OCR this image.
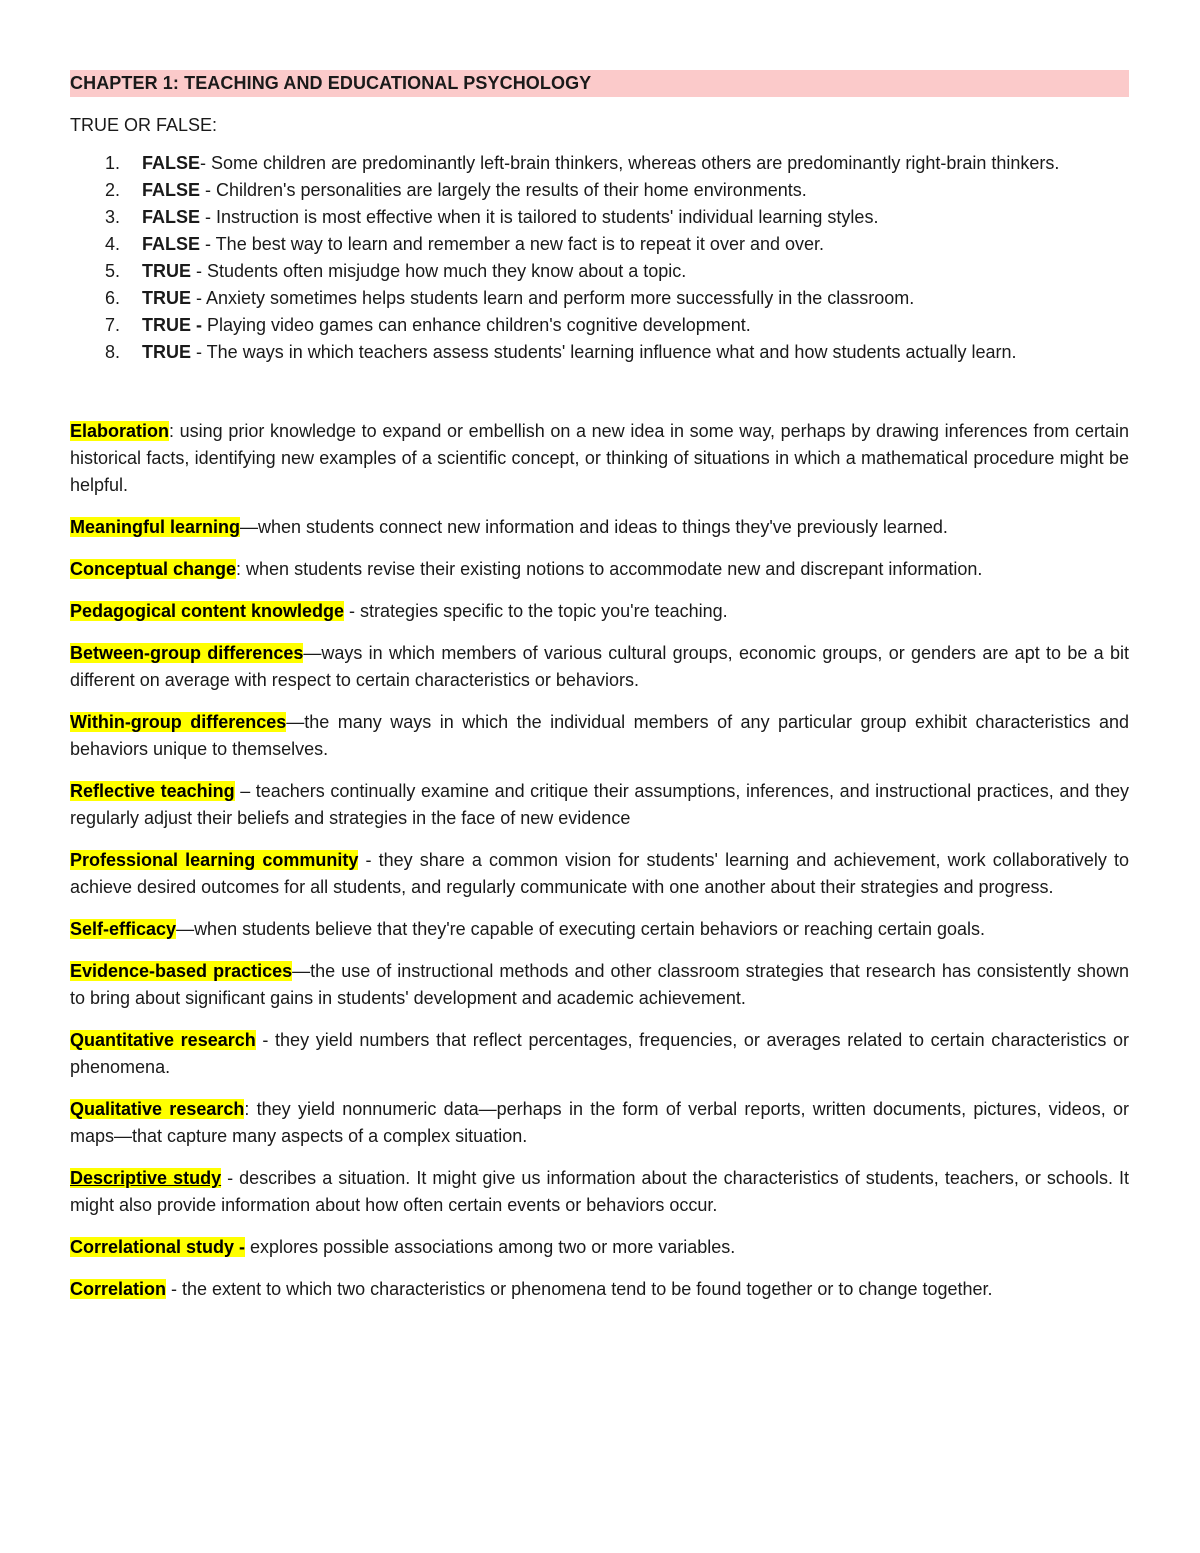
CHAPTER 1: TEACHING AND EDUCATIONAL PSYCHOLOGY
TRUE OR FALSE:
1. FALSE- Some children are predominantly left-brain thinkers, whereas others are predominantly right-brain thinkers.
2. FALSE - Children's personalities are largely the results of their home environments.
3. FALSE - Instruction is most effective when it is tailored to students' individual learning styles.
4. FALSE - The best way to learn and remember a new fact is to repeat it over and over.
5. TRUE - Students often misjudge how much they know about a topic.
6. TRUE - Anxiety sometimes helps students learn and perform more successfully in the classroom.
7. TRUE - Playing video games can enhance children's cognitive development.
8. TRUE - The ways in which teachers assess students' learning influence what and how students actually learn.
Elaboration: using prior knowledge to expand or embellish on a new idea in some way, perhaps by drawing inferences from certain historical facts, identifying new examples of a scientific concept, or thinking of situations in which a mathematical procedure might be helpful.
Meaningful learning—when students connect new information and ideas to things they've previously learned.
Conceptual change: when students revise their existing notions to accommodate new and discrepant information.
Pedagogical content knowledge - strategies specific to the topic you're teaching.
Between-group differences—ways in which members of various cultural groups, economic groups, or genders are apt to be a bit different on average with respect to certain characteristics or behaviors.
Within-group differences—the many ways in which the individual members of any particular group exhibit characteristics and behaviors unique to themselves.
Reflective teaching – teachers continually examine and critique their assumptions, inferences, and instructional practices, and they regularly adjust their beliefs and strategies in the face of new evidence
Professional learning community - they share a common vision for students' learning and achievement, work collaboratively to achieve desired outcomes for all students, and regularly communicate with one another about their strategies and progress.
Self-efficacy—when students believe that they're capable of executing certain behaviors or reaching certain goals.
Evidence-based practices—the use of instructional methods and other classroom strategies that research has consistently shown to bring about significant gains in students' development and academic achievement.
Quantitative research - they yield numbers that reflect percentages, frequencies, or averages related to certain characteristics or phenomena.
Qualitative research: they yield nonnumeric data—perhaps in the form of verbal reports, written documents, pictures, videos, or maps—that capture many aspects of a complex situation.
Descriptive study - describes a situation. It might give us information about the characteristics of students, teachers, or schools. It might also provide information about how often certain events or behaviors occur.
Correlational study - explores possible associations among two or more variables.
Correlation - the extent to which two characteristics or phenomena tend to be found together or to change together.
